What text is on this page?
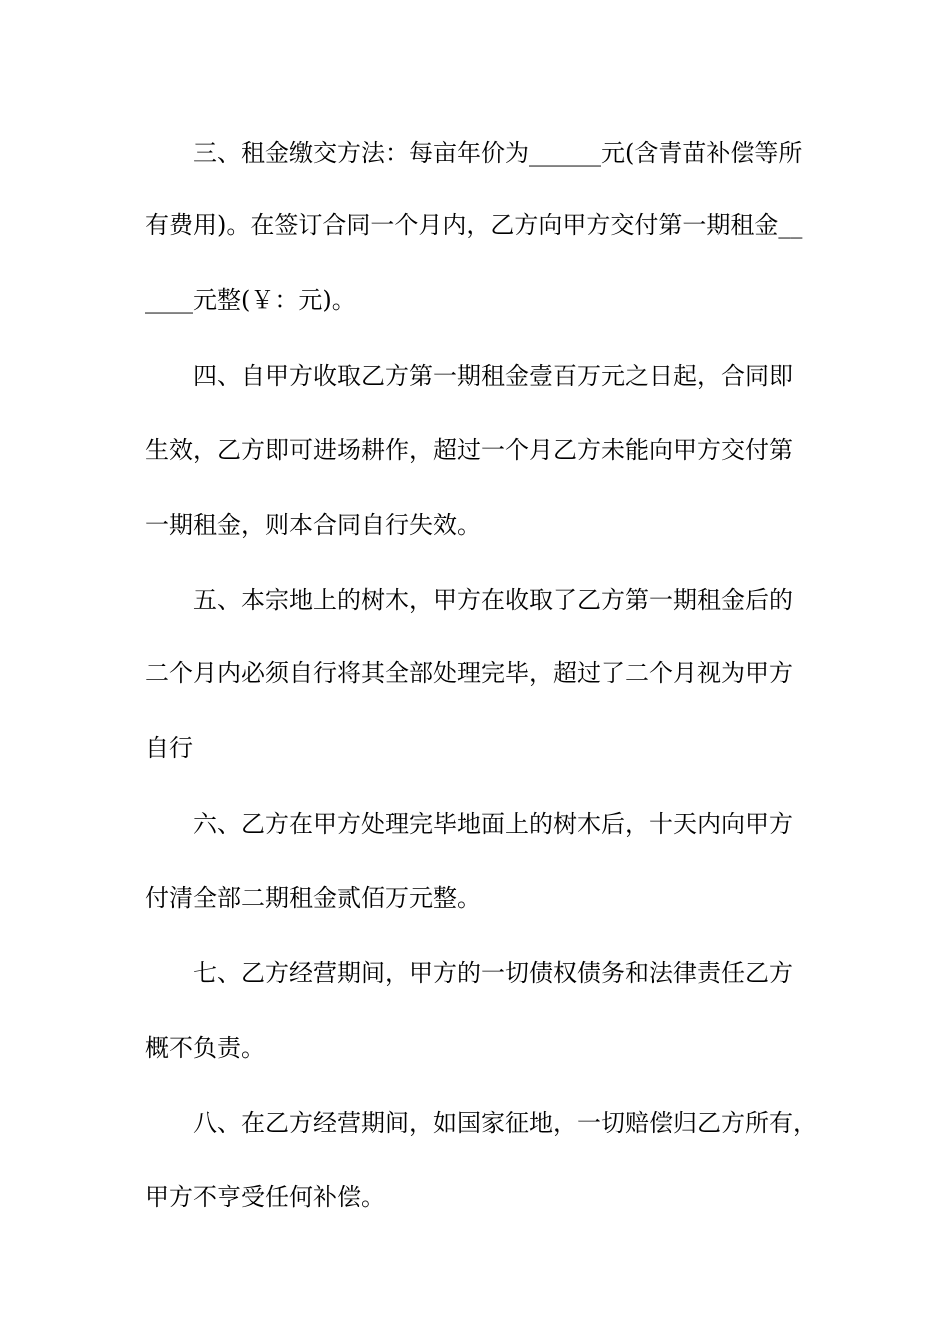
三、租金缴交方法：每亩年价为______元(含青苗补偿等所
有费用)。在签订合同一个月内，乙方向甲方交付第一期租金__
____元整(￥：元)。
四、自甲方收取乙方第一期租金壹百万元之日起，合同即
生效，乙方即可进场耕作，超过一个月乙方未能向甲方交付第
一期租金，则本合同自行失效。
五、本宗地上的树木，甲方在收取了乙方第一期租金后的
二个月内必须自行将其全部处理完毕，超过了二个月视为甲方
自行
六、乙方在甲方处理完毕地面上的树木后，十天内向甲方
付清全部二期租金贰佰万元整。
七、乙方经营期间，甲方的一切债权债务和法律责任乙方
概不负责。
八、在乙方经营期间，如国家征地，一切赔偿归乙方所有，
甲方不亨受任何补偿。
